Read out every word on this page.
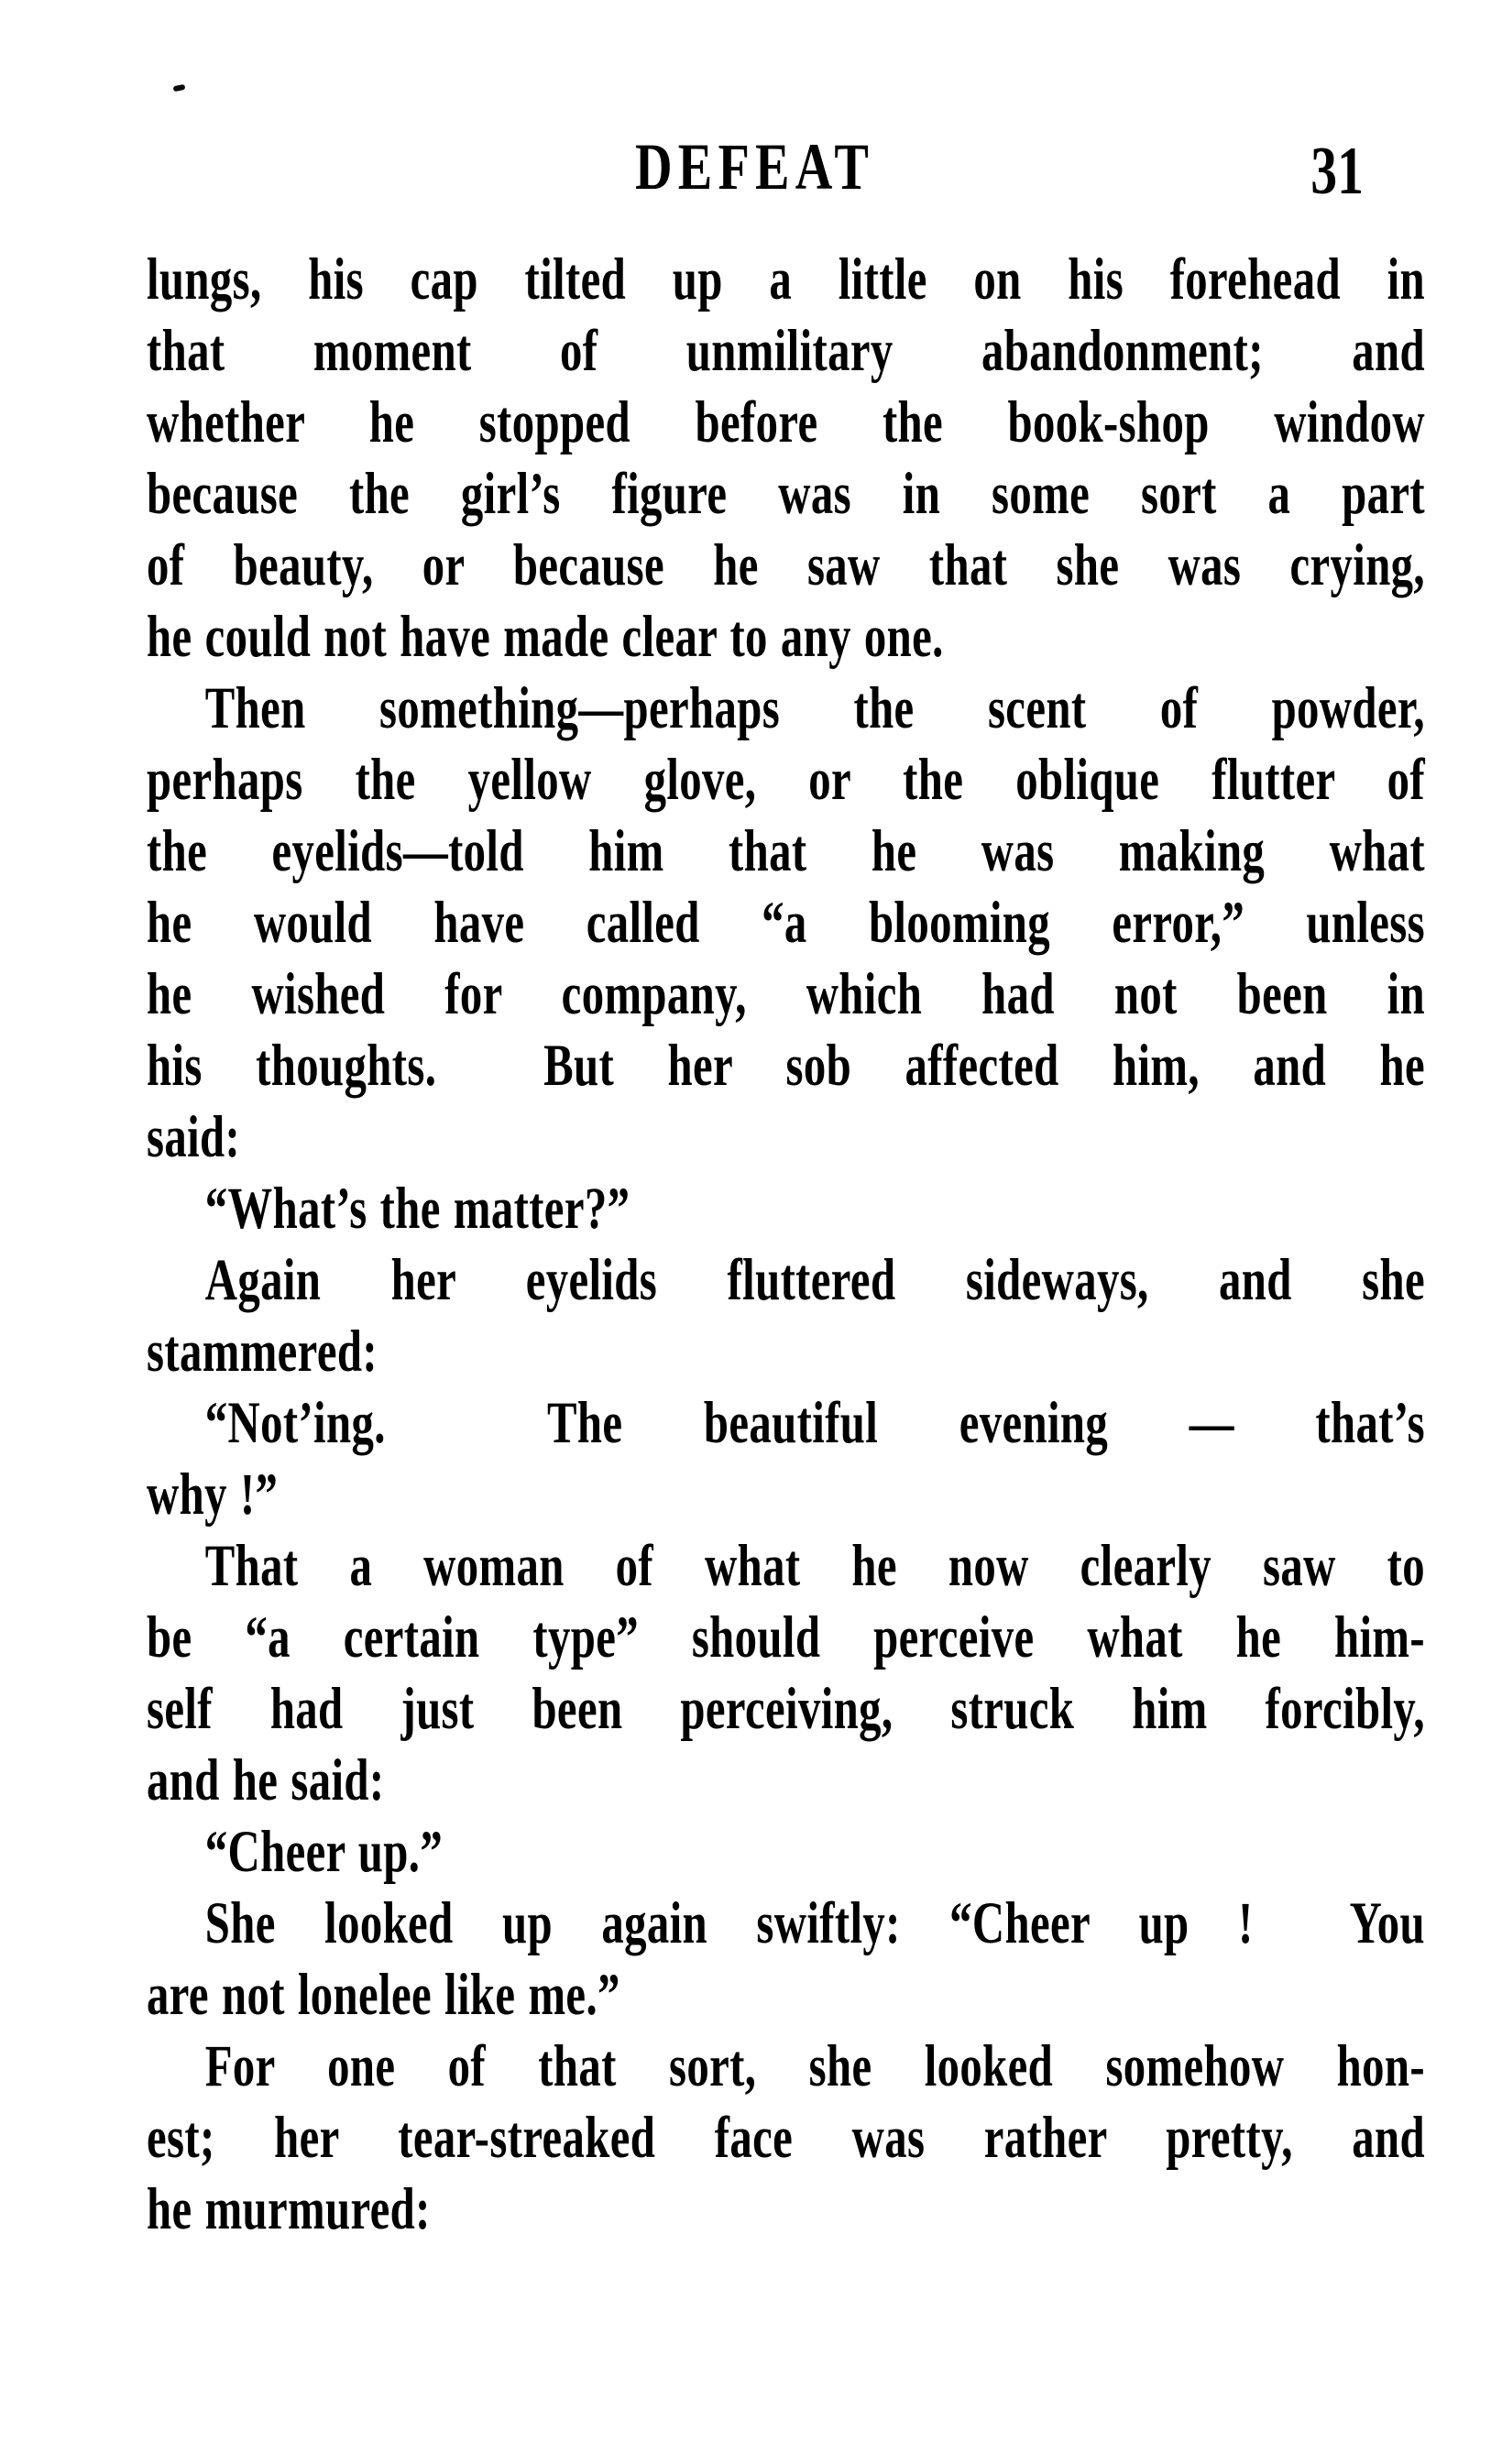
DEFEAT	31
lungs, his cap tilted up a little on his forehead in
that moment of unmilitary abandonment; and
whether he stopped before the book-shop window
because the girl’s figure was in some sort a part
of beauty, or because he saw that she was crying,
he could not have made clear to any one.
Then something—perhaps the scent of powder,
perhaps the yellow glove, or the oblique flutter of
the eyelids—told him that he was making what
he would have called “a blooming error,” unless
he wished for company, which had not been in
his thoughts.  But her sob affected him, and he
said:
“What’s the matter?”
Again her eyelids fluttered sideways, and she
stammered:
“Not’ing.  The beautiful evening — that’s
why !”
That a woman of what he now clearly saw to
be “a certain type” should perceive what he him-
self had just been perceiving, struck him forcibly,
and he said:
“Cheer up.”
She looked up again swiftly: “Cheer up !  You
are not lonelee like me.”
For one of that sort, she looked somehow hon-
est; her tear-streaked face was rather pretty, and
he murmured:
